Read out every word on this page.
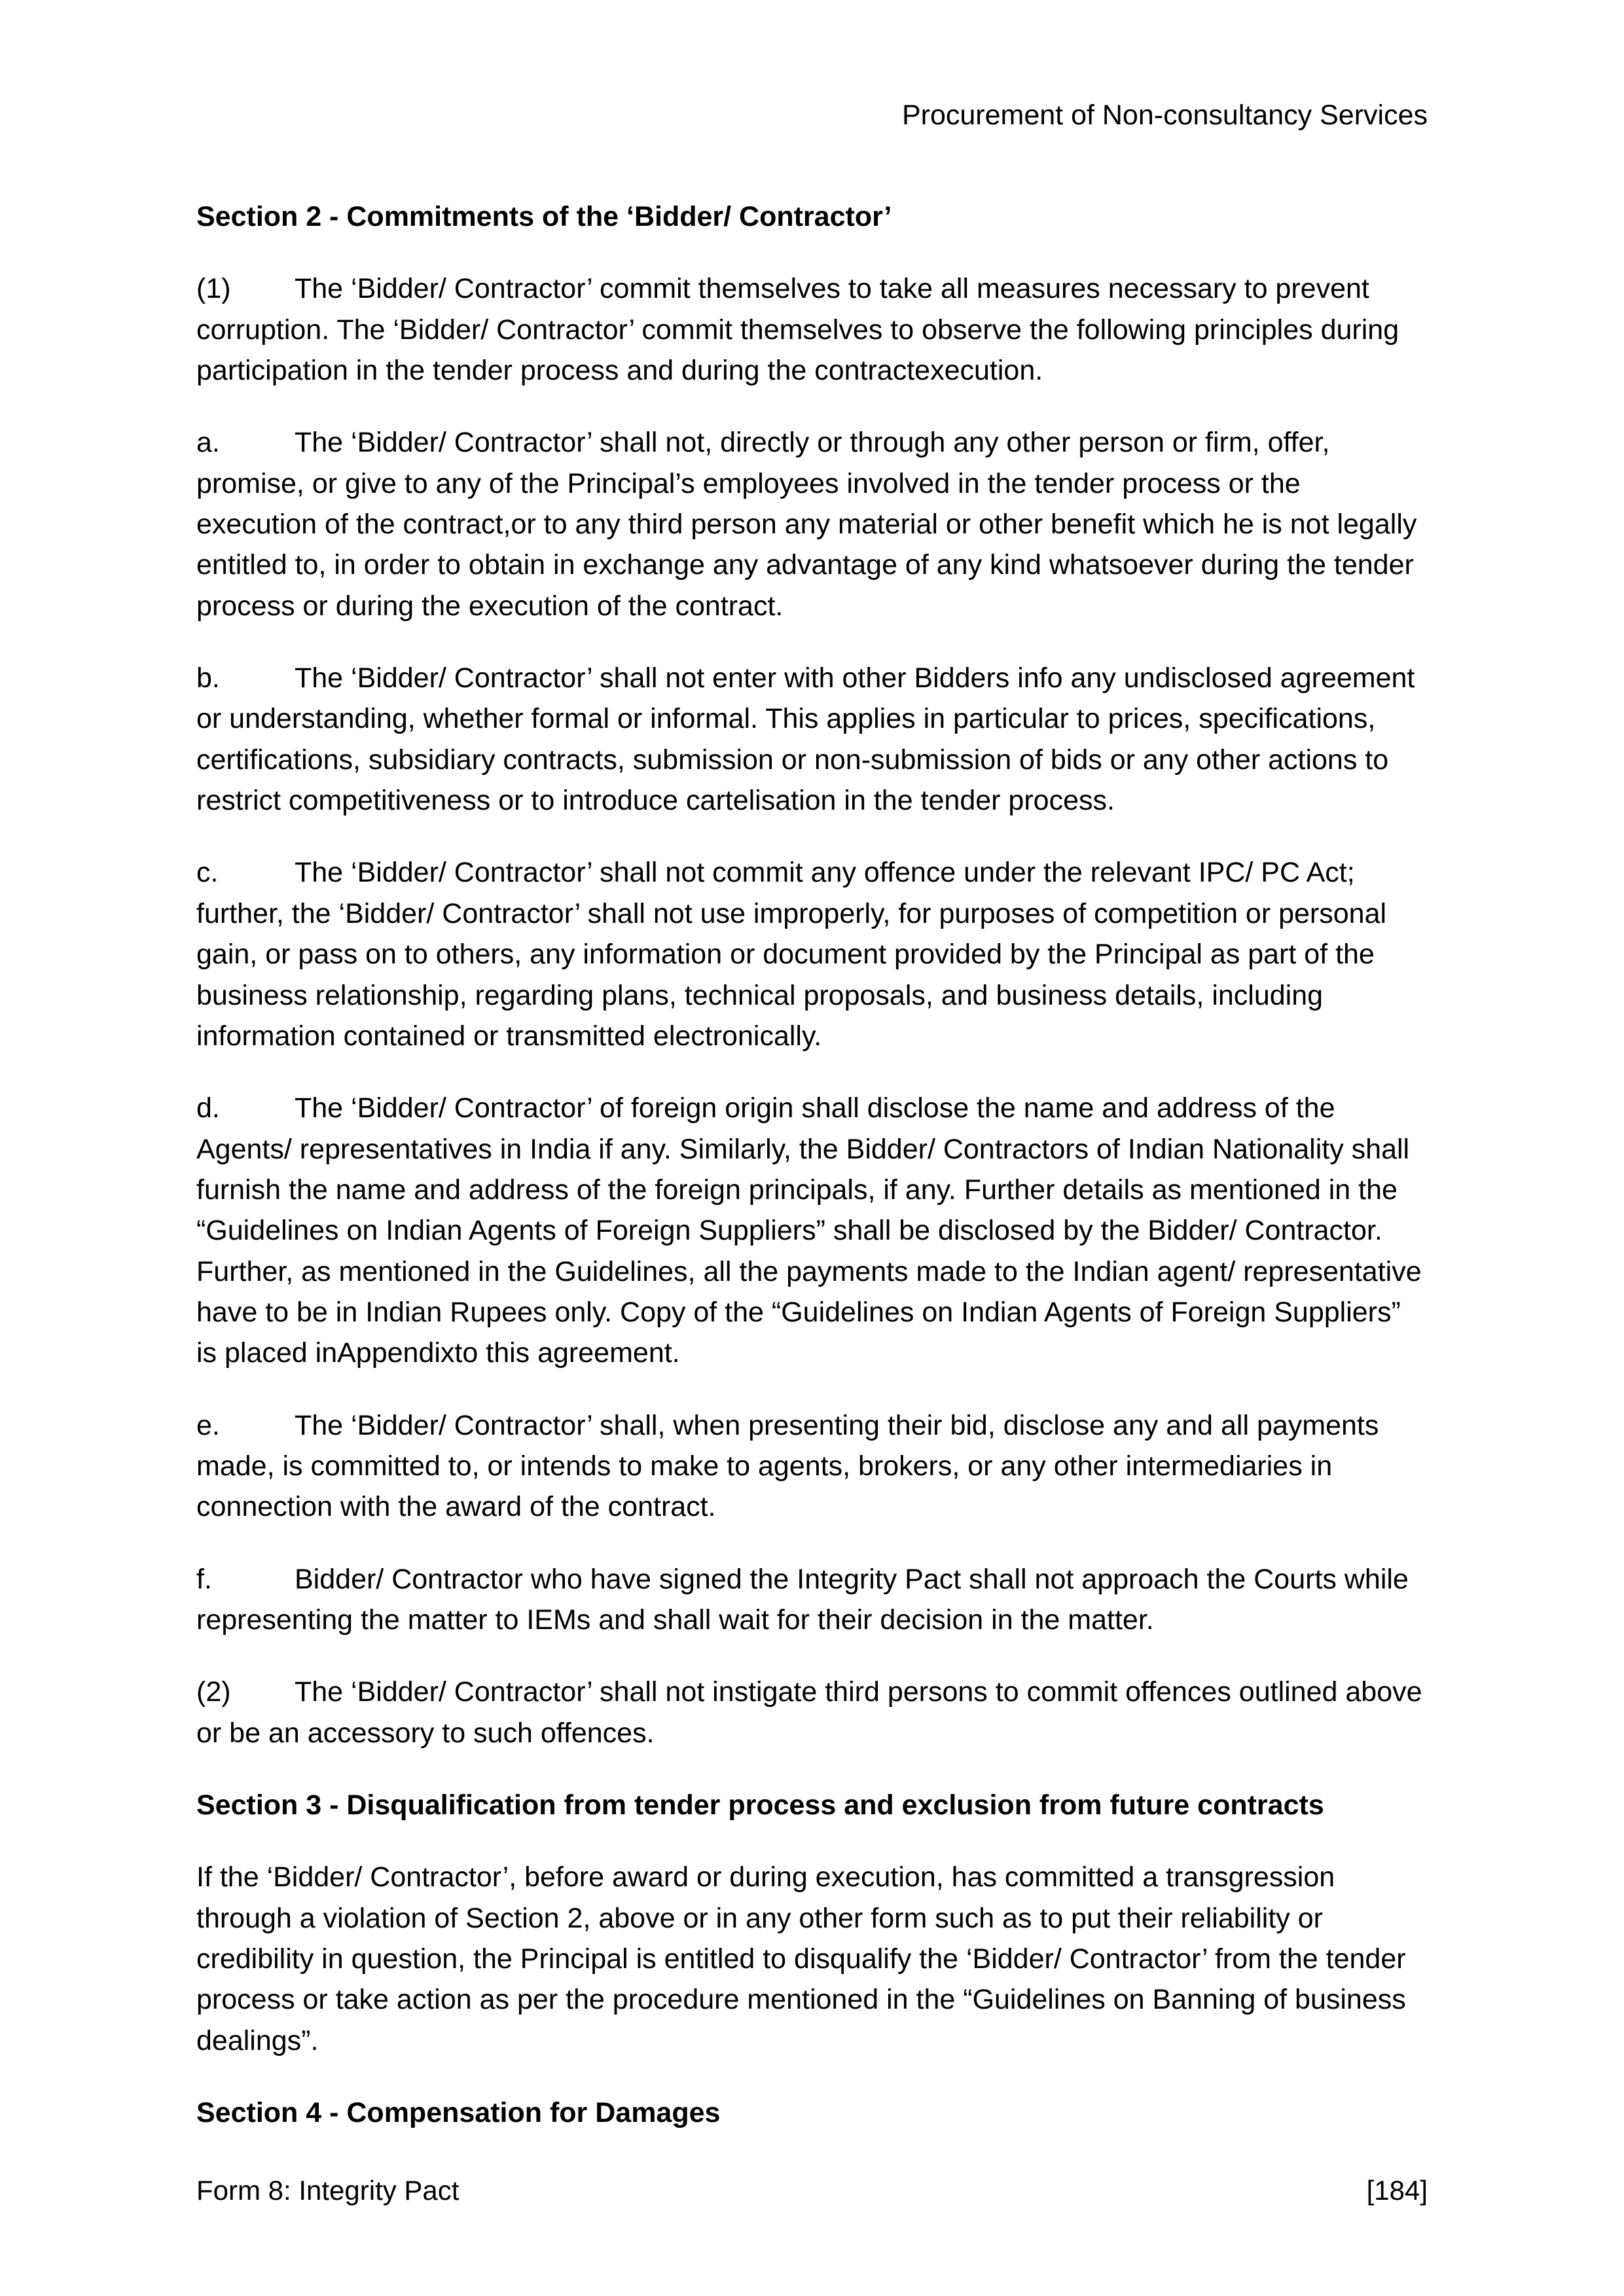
Procurement of Non-consultancy Services
Section 2 - Commitments of the ‘Bidder/ Contractor’

(1) The ‘Bidder/ Contractor’ commit themselves to take all measures necessary to prevent corruption. The ‘Bidder/ Contractor’ commit themselves to observe the following principles during participation in the tender process and during the contractexecution.

a.	The ‘Bidder/ Contractor’ shall not, directly or through any other person or firm, offer, promise, or give to any of the Principal’s employees involved in the tender process or the execution of the contract,or to any third person any material or other benefit which he is not legally entitled to, in order to obtain in exchange any advantage of any kind whatsoever during the tender process or during the execution of the contract.

b.	The ‘Bidder/ Contractor’ shall not enter with other Bidders info any undisclosed agreement or understanding, whether formal or informal. This applies in particular to prices, specifications, certifications, subsidiary contracts, submission or non-submission of bids or any other actions to restrict competitiveness or to introduce cartelisation in the tender process.

c.	The ‘Bidder/ Contractor’ shall not commit any offence under the relevant IPC/ PC Act; further, the ‘Bidder/ Contractor’ shall not use improperly, for purposes of competition or personal gain, or pass on to others, any information or document provided by the Principal as part of the business relationship, regarding plans, technical proposals, and business details, including information contained or transmitted electronically.

d.	The ‘Bidder/ Contractor’ of foreign origin shall disclose the name and address of the Agents/ representatives in India if any. Similarly, the Bidder/ Contractors of Indian Nationality shall furnish the name and address of the foreign principals, if any. Further details as mentioned in the “Guidelines on Indian Agents of Foreign Suppliers” shall be disclosed by the Bidder/ Contractor. Further, as mentioned in the Guidelines, all the payments made to the Indian agent/ representative have to be in Indian Rupees only. Copy of the “Guidelines on Indian Agents of Foreign Suppliers” is placed inAppendixto this agreement.

e.	The ‘Bidder/ Contractor’ shall, when presenting their bid, disclose any and all payments made, is committed to, or intends to make to agents, brokers, or any other intermediaries in connection with the award of the contract.

f.	Bidder/ Contractor who have signed the Integrity Pact shall not approach the Courts while representing the matter to IEMs and shall wait for their decision in the matter.

(2) The ‘Bidder/ Contractor’ shall not instigate third persons to commit offences outlined above or be an accessory to such offences.

Section 3 - Disqualification from tender process and exclusion from future contracts

If the ‘Bidder/ Contractor’, before award or during execution, has committed a transgression through a violation of Section 2, above or in any other form such as to put their reliability or credibility in question, the Principal is entitled to disqualify the ‘Bidder/ Contractor’ from the tender process or take action as per the procedure mentioned in the “Guidelines on Banning of business dealings”.

Section 4 - Compensation for Damages
Form 8: Integrity Pact	[184]
